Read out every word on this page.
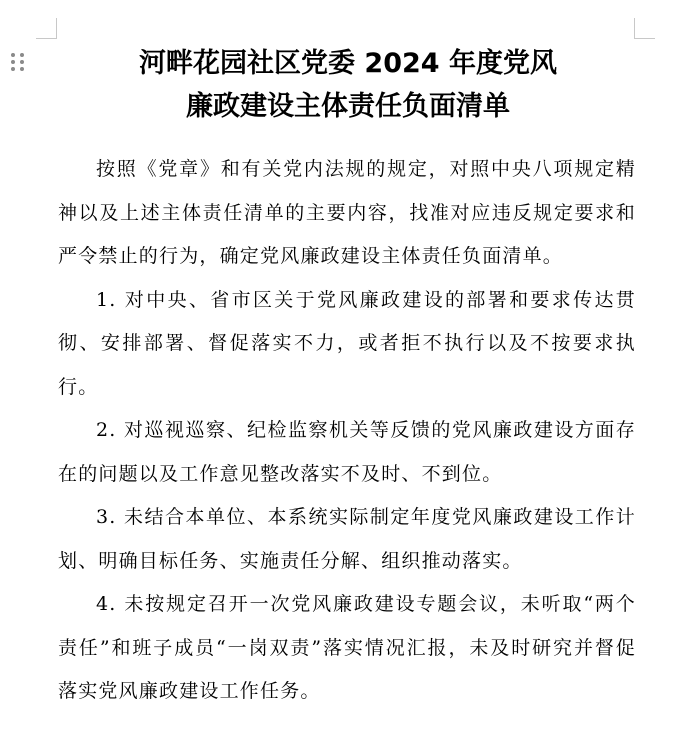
河畔花园社区党委 2024 年度党风
廉政建设主体责任负面清单

按照《党章》和有关党内法规的规定，对照中央八项规定精神以及上述主体责任清单的主要内容，找准对应违反规定要求和严令禁止的行为，确定党风廉政建设主体责任负面清单。

1. 对中央、省市区关于党风廉政建设的部署和要求传达贯彻、安排部署、督促落实不力，或者拒不执行以及不按要求执行。

2. 对巡视巡察、纪检监察机关等反馈的党风廉政建设方面存在的问题以及工作意见整改落实不及时、不到位。

3. 未结合本单位、本系统实际制定年度党风廉政建设工作计划、明确目标任务、实施责任分解、组织推动落实。

4. 未按规定召开一次党风廉政建设专题会议，未听取“两个责任”和班子成员“一岗双责”落实情况汇报，未及时研究并督促落实党风廉政建设工作任务。
